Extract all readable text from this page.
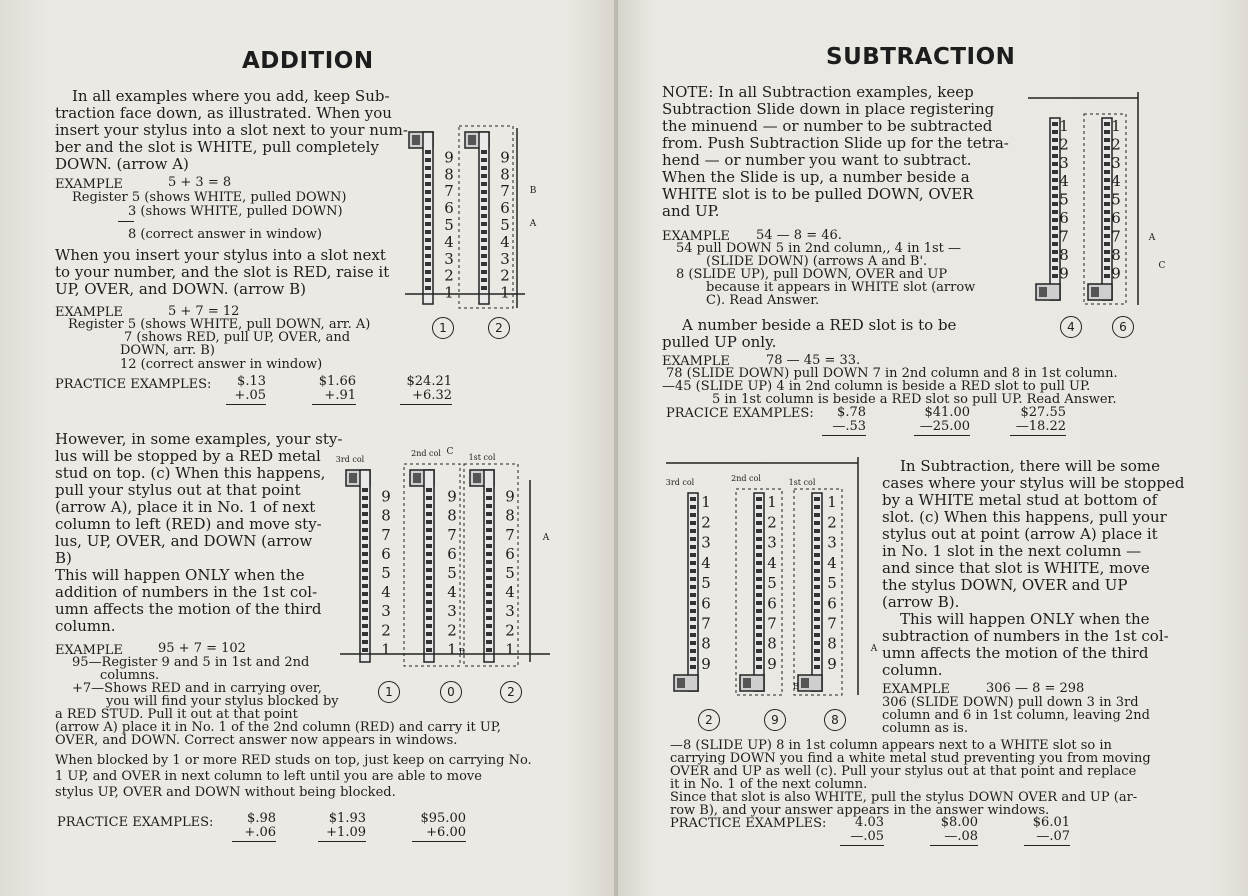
ADDITION
In all examples where you add, keep Sub-
traction face down, as illustrated. When you
insert your stylus into a slot next to your num-
ber and the slot is WHITE, pull completely
DOWN. (arrow A)
EXAMPLE	5 + 3 = 8
Register 5 (shows WHITE, pulled DOWN)
3 (shows WHITE, pulled DOWN)
8 (correct answer in window)
When you insert your stylus into a slot next
to your number, and the slot is RED, raise it
UP, OVER, and DOWN. (arrow B)
EXAMPLE	5 + 7 = 12
Register 5 (shows WHITE, pull DOWN, arr. A)
7 (shows RED, pull UP, OVER, and
DOWN, arr. B)
12 (correct answer in window)
PRACTICE EXAMPLES:	$.13
+.05
$1.66
+.91
$24.21
+6.32
However, in some examples, your sty-
lus will be stopped by a RED metal
stud on top. (c) When this happens,
pull your stylus out at that point
(arrow A), place it in No. 1 of next
column to left (RED) and move sty-
lus, UP, OVER, and DOWN (arrow
B)
This will happen ONLY when the
addition of numbers in the 1st col-
umn affects the motion of the third
column.
EXAMPLE	95 + 7 = 102
95—Register 9 and 5 in 1st and 2nd
columns.
+7—Shows RED and in carrying over,
you will find your stylus blocked by
a RED STUD. Pull it out at that point
(arrow A) place it in No. 1 of the 2nd column (RED) and carry it UP,
OVER, and DOWN. Correct answer now appears in windows.
When blocked by 1 or more RED studs on top, just keep on carrying No.
1 UP, and OVER in next column to left until you are able to move
stylus UP, OVER and DOWN without being blocked.
PRACTICE EXAMPLES:	$.98
+.06
$1.93
+1.09
$95.00
+6.00
9
8
7
6
5
4
3
2
1
9
8
7
6
5
4
3
2
1
B
A
1	2
3rd col
2nd col	1st col
9
8
7
6
5
4
3
2
1
9
8
7
6
5
4
3
2
1
9
8
7
6
5
4
3
2
1
C
A
B
1	0	2
SUBTRACTION
NOTE: In all Subtraction examples, keep
Subtraction Slide down in place registering
the minuend — or number to be subtracted
from. Push Subtraction Slide up for the tetra-
hend — or number you want to subtract.
When the Slide is up, a number beside a
WHITE slot is to be pulled DOWN, OVER
and UP.
EXAMPLE 54 — 8 = 46.
54 pull DOWN 5 in 2nd column,, 4 in 1st —
(SLIDE DOWN) (arrows A and B'.
8 (SLIDE UP), pull DOWN, OVER and UP
because it appears in WHITE slot (arrow
C). Read Answer.
A number beside a RED slot is to be
pulled UP only.
EXAMPLE	78 — 45 = 33.
78 (SLIDE DOWN) pull DOWN 7 in 2nd column and 8 in 1st column.
—45 (SLIDE UP) 4 in 2nd column is beside a RED slot to pull UP.
5 in 1st column is beside a RED slot so pull UP. Read Answer.
PRACICE EXAMPLES:	$.78
—.53
$41.00
—25.00
$27.55
—18.22
In Subtraction, there will be some
cases where your stylus will be stopped
by a WHITE metal stud at bottom of
slot. (c) When this happens, pull your
stylus out at point (arrow A) place it
in No. 1 slot in the next column —
and since that slot is WHITE, move
the stylus DOWN, OVER and UP
(arrow B).
This will happen ONLY when the
subtraction of numbers in the 1st col-
umn affects the motion of the third
column.
EXAMPLE	306 — 8 = 298
306 (SLIDE DOWN) pull down 3 in 3rd
column and 6 in 1st column, leaving 2nd
column as is.
—8 (SLIDE UP) 8 in 1st column appears next to a WHITE slot so in
carrying DOWN you find a white metal stud preventing you from moving
OVER and UP as well (c). Pull your stylus out at that point and replace
it in No. 1 of the next column.
Since that slot is also WHITE, pull the stylus DOWN OVER and UP (ar-
row B), and your answer appears in the answer windows.
PRACTICE EXAMPLES:	4.03
—.05
$8.00
—.08
$6.01
—.07
1
2
3
4
5
6
7
8
9
1
2
3
4
5
6
7
8
9
A
C
4	6
3rd col	2nd col	1st col
1
2
3
4
5
6
7
8
9
1
2
3
4
5
6
7
8
9
1
2
3
4
5
6
7
8
9
A
B
2	9	8
